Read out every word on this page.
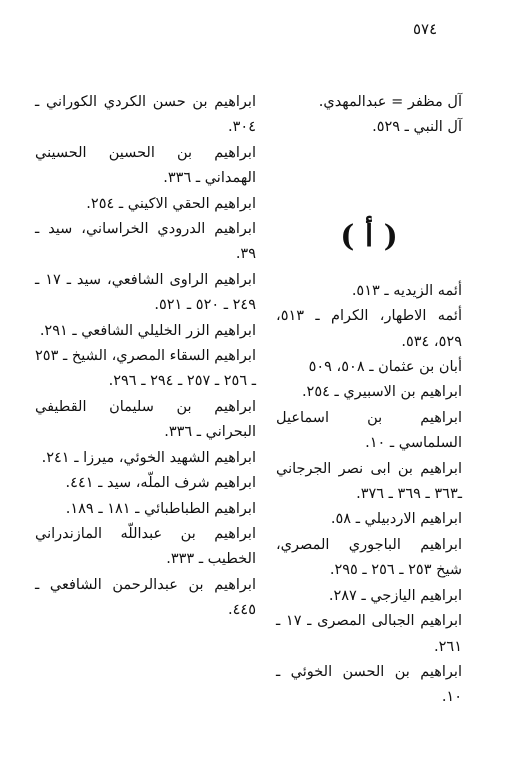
٥٧٤

آل مظفر = عبدالمهدي.

آل النبي ـ ٥٢٩.

( أ )

أئمه الزيديه ـ ٥١٣.

أئمه الاطهار، الكرام ـ ٥١٣، ٥٢٩، ٥٣٤.

أبان بن عثمان ـ ٥٠٨، ٥٠٩

ابراهيم بن الاسبيري ـ ٢٥٤.

ابراهيم بن اسماعيل السلماسي ـ ١٠.

ابراهيم بن ابى نصر الجرجاني ـ٣٦٣ ـ ٣٦٩ ـ ٣٧٦.

ابراهيم الاردبيلي ـ ٥٨.

ابراهيم الباجوري المصري، شيخ ٢٥٣ ـ ٢٥٦ ـ ٢٩٥.

ابراهيم اليازجي ـ ٢٨٧.

ابراهيم الجبالى المصرى ـ ١٧ ـ ٢٦١.

ابراهيم بن الحسن الخوئي ـ ١٠.

ابراهيم بن حسن الكردي الكوراني ـ ٣٠٤.

ابراهيم بن الحسين الحسيني الهمداني ـ ٣٣٦.

ابراهيم الحقي الاكيني ـ ٢٥٤.

ابراهيم الدرودي الخراساني، سيد ـ ٣٩.

ابراهيم الراوى الشافعي، سيد ـ ١٧ ـ ٢٤٩ ـ ٥٢٠ ـ ٥٢١.

ابراهيم الزر الخليلي الشافعي ـ ٢٩١.

ابراهيم السقاء المصري، الشيخ ـ ٢٥٣ ـ ٢٥٦ ـ ٢٥٧ ـ ٢٩٤ ـ ٢٩٦.

ابراهيم بن سليمان القطيفي البحراني ـ ٣٣٦.

ابراهيم الشهيد الخوئي، ميرزا ـ ٢٤١.

ابراهيم شرف الملّه، سيد ـ ٤٤١.

ابراهيم الطباطبائي ـ ١٨١ ـ ١٨٩.

ابراهيم بن عبداللّه المازندراني الخطيب ـ ٣٣٣.

ابراهيم بن عبدالرحمن الشافعي ـ ٤٤٥.
